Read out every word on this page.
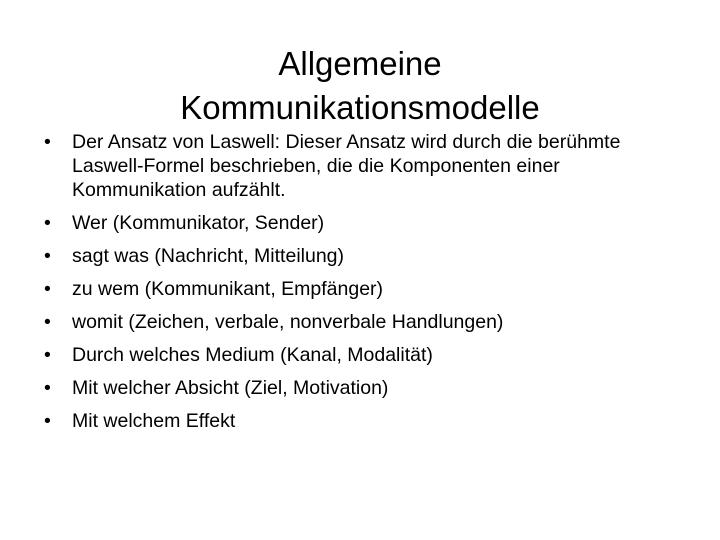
Allgemeine
Kommunikationsmodelle
•	Der Ansatz von Laswell: Dieser Ansatz wird durch die berühmte Laswell-Formel beschrieben, die die Komponenten einer Kommunikation aufzählt.
•	Wer (Kommunikator, Sender)
•	sagt was (Nachricht, Mitteilung)
•	zu wem (Kommunikant, Empfänger)
•	womit (Zeichen, verbale, nonverbale Handlungen)
•	Durch welches Medium (Kanal, Modalität)
•	Mit welcher Absicht (Ziel, Motivation)
•	Mit welchem Effekt
